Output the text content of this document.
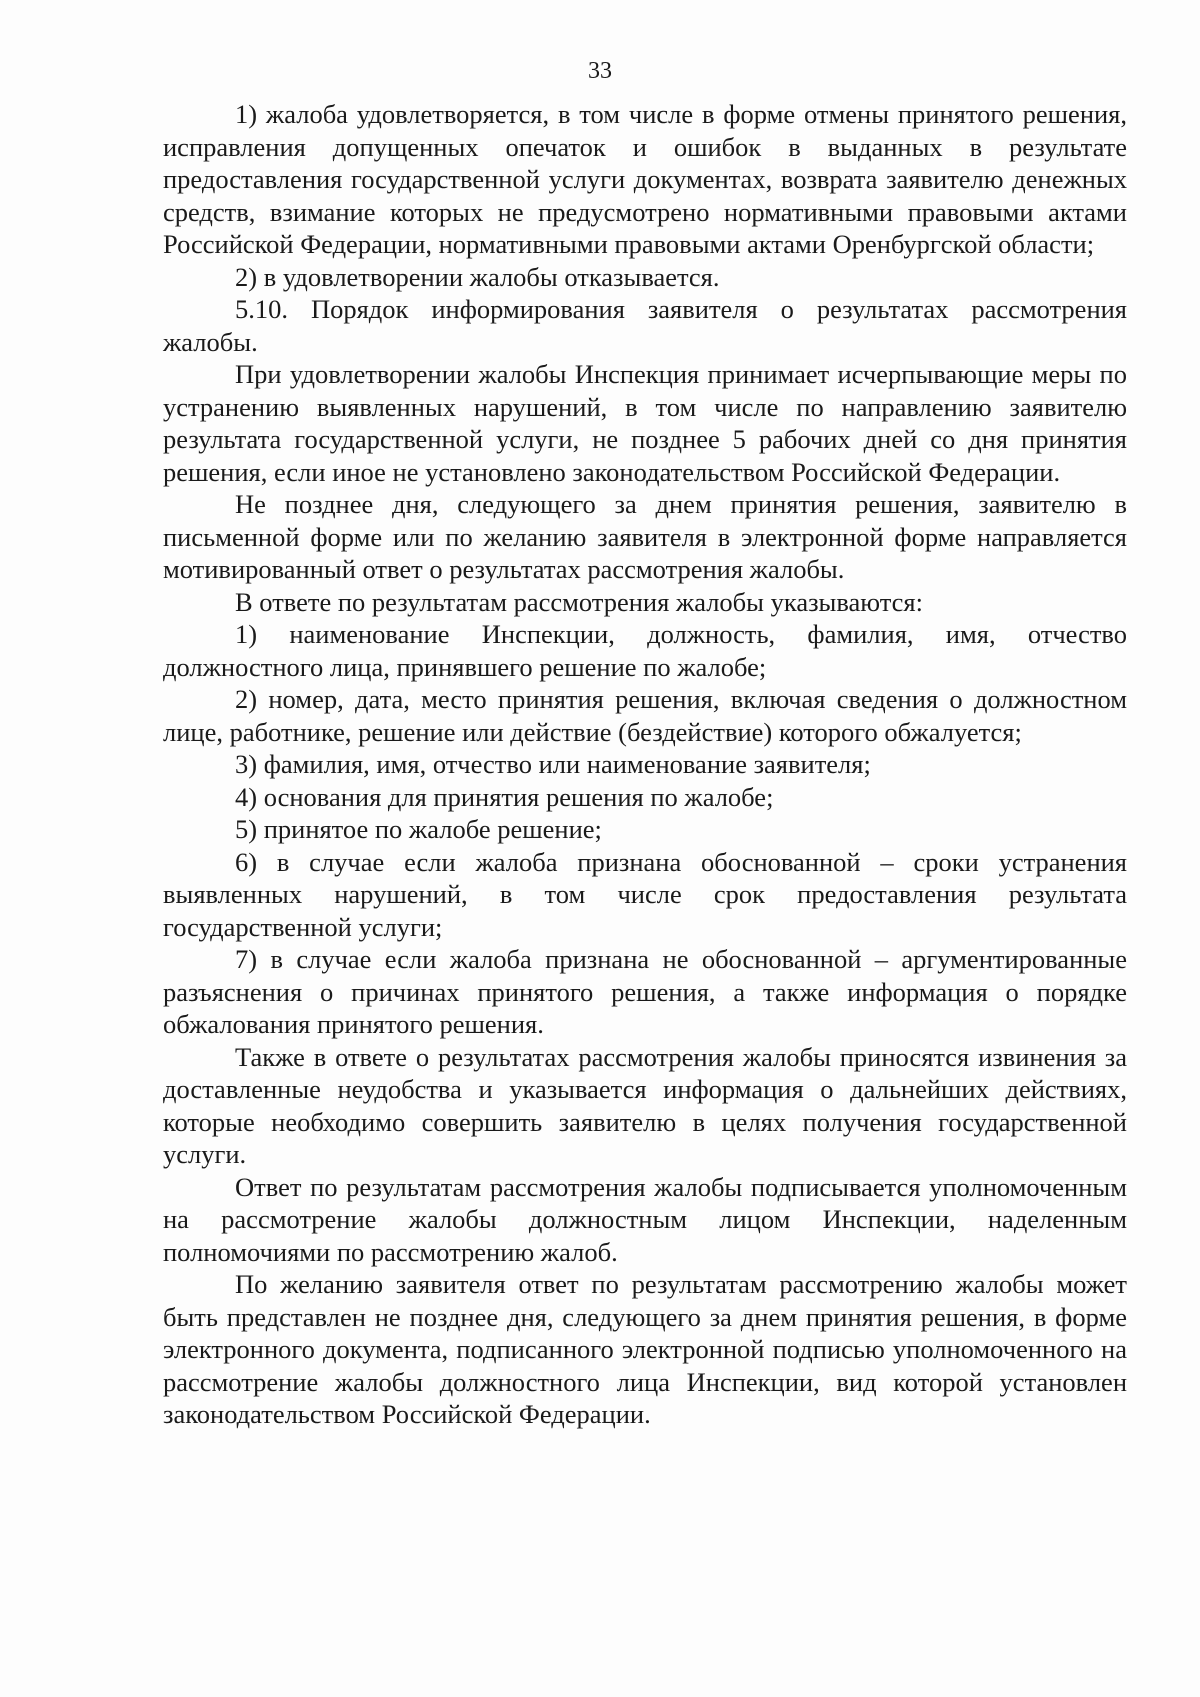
33

1) жалоба удовлетворяется, в том числе в форме отмены принятого решения, исправления допущенных опечаток и ошибок в выданных в результате предоставления государственной услуги документах, возврата заявителю денежных средств, взимание которых не предусмотрено нормативными правовыми актами Российской Федерации, нормативными правовыми актами Оренбургской области;

2) в удовлетворении жалобы отказывается.

5.10. Порядок информирования заявителя о результатах рассмотрения жалобы.

При удовлетворении жалобы Инспекция принимает исчерпывающие меры по устранению выявленных нарушений, в том числе по направлению заявителю результата государственной услуги, не позднее 5 рабочих дней со дня принятия решения, если иное не установлено законодательством Российской Федерации.

Не позднее дня, следующего за днем принятия решения, заявителю в письменной форме или по желанию заявителя в электронной форме направляется мотивированный ответ о результатах рассмотрения жалобы.

В ответе по результатам рассмотрения жалобы указываются:

1) наименование Инспекции, должность, фамилия, имя, отчество должностного лица, принявшего решение по жалобе;

2) номер, дата, место принятия решения, включая сведения о должностном лице, работнике, решение или действие (бездействие) которого обжалуется;

3) фамилия, имя, отчество или наименование заявителя;

4) основания для принятия решения по жалобе;

5) принятое по жалобе решение;

6) в случае если жалоба признана обоснованной – сроки устранения выявленных нарушений, в том числе срок предоставления результата государственной услуги;

7) в случае если жалоба признана не обоснованной – аргументированные разъяснения о причинах принятого решения, а также информация о порядке обжалования принятого решения.

Также в ответе о результатах рассмотрения жалобы приносятся извинения за доставленные неудобства и указывается информация о дальнейших действиях, которые необходимо совершить заявителю в целях получения государственной услуги.

Ответ по результатам рассмотрения жалобы подписывается уполномоченным на рассмотрение жалобы должностным лицом Инспекции, наделенным полномочиями по рассмотрению жалоб.

По желанию заявителя ответ по результатам рассмотрению жалобы может быть представлен не позднее дня, следующего за днем принятия решения, в форме электронного документа, подписанного электронной подписью уполномоченного на рассмотрение жалобы должностного лица Инспекции, вид которой установлен законодательством Российской Федерации.
